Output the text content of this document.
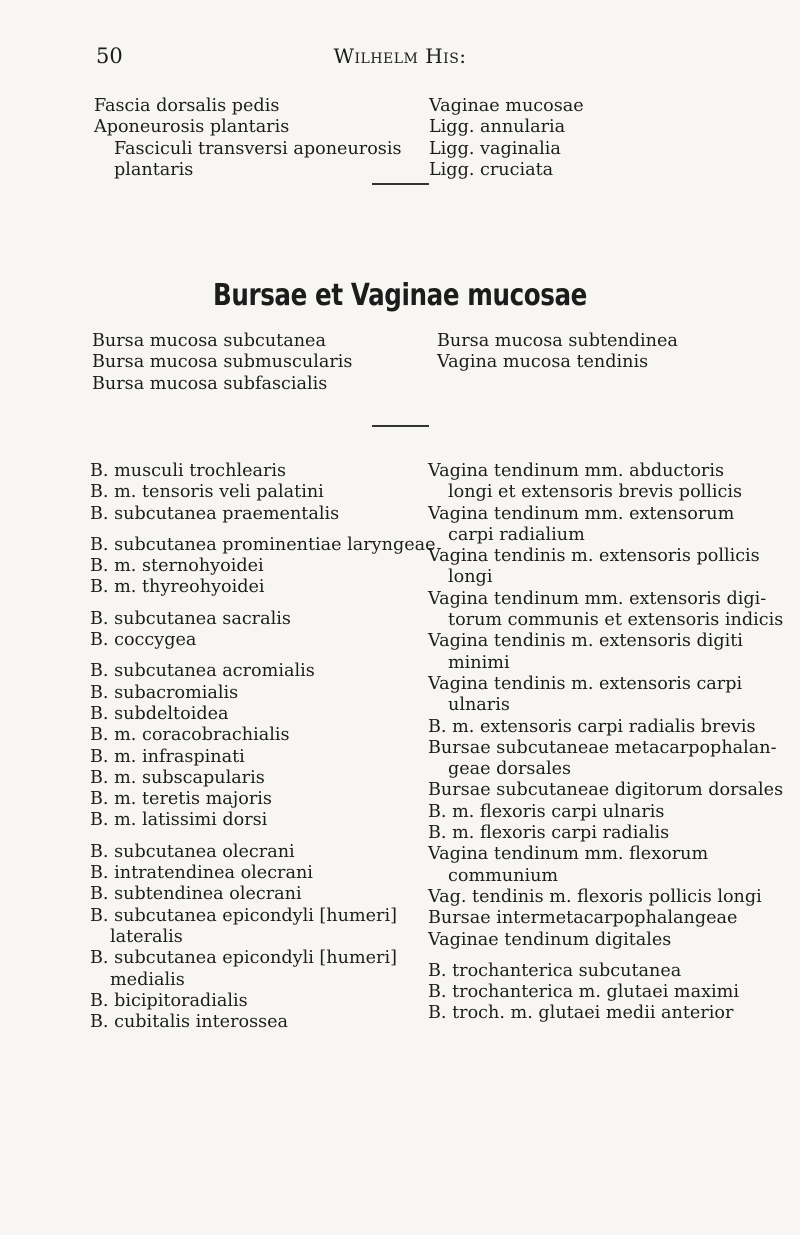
50	Wilhelm His:
Fascia dorsalis pedis
Aponeurosis plantaris
Fasciculi transversi aponeurosis
plantaris
Vaginae mucosae
Ligg. annularia
Ligg. vaginalia
Ligg. cruciata
Bursae et Vaginae mucosae
Bursa mucosa subcutanea
Bursa mucosa submuscularis
Bursa mucosa subfascialis
Bursa mucosa subtendinea
Vagina mucosa tendinis
B. musculi trochlearis
B. m. tensoris veli palatini
B. subcutanea praementalis
B. subcutanea prominentiae laryngeae
B. m. sternohyoidei
B. m. thyreohyoidei
B. subcutanea sacralis
B. coccygea
B. subcutanea acromialis
B. subacromialis
B. subdeltoidea
B. m. coracobrachialis
B. m. infraspinati
B. m. subscapularis
B. m. teretis majoris
B. m. latissimi dorsi
B. subcutanea olecrani
B. intratendinea olecrani
B. subtendinea olecrani
B. subcutanea epicondyli [humeri]
lateralis
B. subcutanea epicondyli [humeri]
medialis
B. bicipitoradialis
B. cubitalis interossea
Vagina tendinum mm. abductoris
longi et extensoris brevis pollicis
Vagina tendinum mm. extensorum
carpi radialium
Vagina tendinis m. extensoris pollicis
longi
Vagina tendinum mm. extensoris digi-
torum communis et extensoris indicis
Vagina tendinis m. extensoris digiti
minimi
Vagina tendinis m. extensoris carpi
ulnaris
B. m. extensoris carpi radialis brevis
Bursae subcutaneae metacarpophalan-
geae dorsales
Bursae subcutaneae digitorum dorsales
B. m. flexoris carpi ulnaris
B. m. flexoris carpi radialis
Vagina tendinum mm. flexorum
communium
Vag. tendinis m. flexoris pollicis longi
Bursae intermetacarpophalangeae
Vaginae tendinum digitales
B. trochanterica subcutanea
B. trochanterica m. glutaei maximi
B. troch. m. glutaei medii anterior
